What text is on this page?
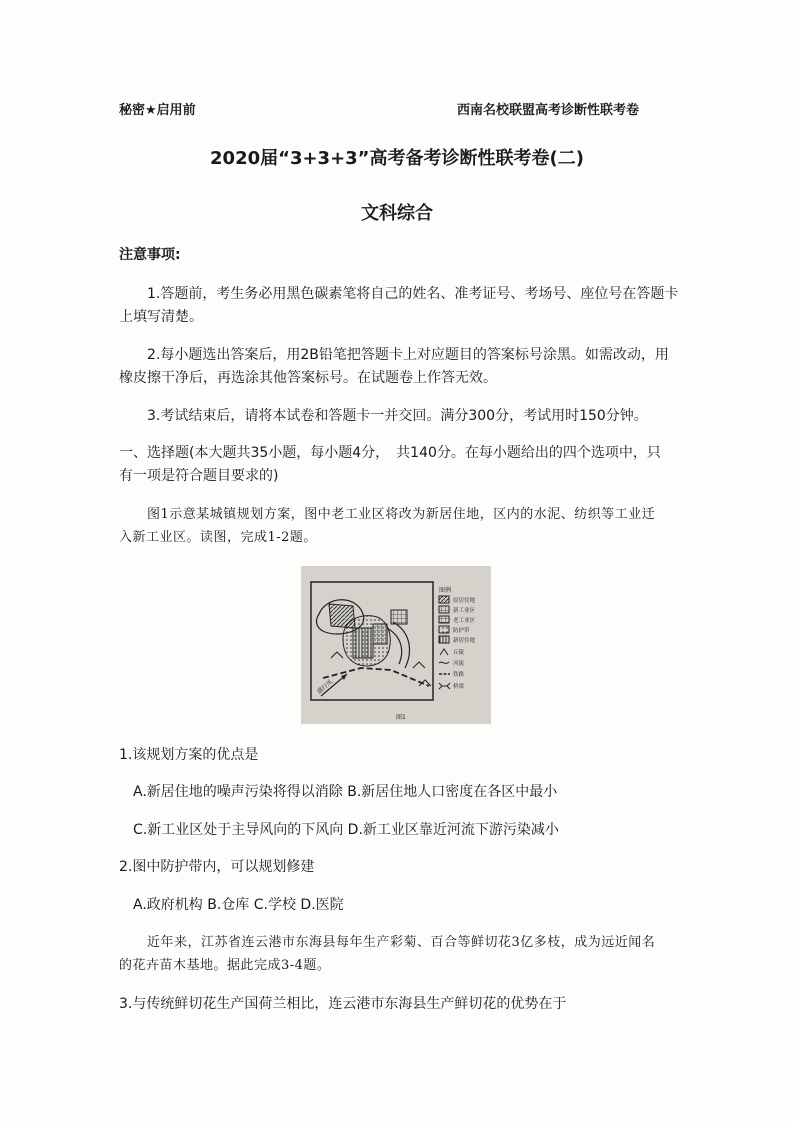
秘密★启用前	西南名校联盟高考诊断性联考卷
2020届“3+3+3”高考备考诊断性联考卷(二)
文科综合
注意事项:
1.答题前，考生务必用黑色碳素笔将自己的姓名、准考证号、考场号、座位号在答题卡
上填写清楚。
2.每小题选出答案后，用2B铅笔把答题卡上对应题目的答案标号涂黑。如需改动，用
橡皮擦干净后，再选涂其他答案标号。在试题卷上作答无效。
3.考试结束后，请将本试卷和答题卡一并交回。满分300分，考试用时150分钟。
一、选择题(本大题共35小题，每小题4分，　共140分。在每小题给出的四个选项中，只
有一项是符合题目要求的)
图1示意某城镇规划方案，图中老工业区将改为新居住地，区内的水泥、纺织等工业迁
入新工业区。读图，完成1-2题。
盛行风
图例
原居住地
新工业区
老工业区
防护带
新居住地
丘陵
河流
铁路
桥梁
图1
1.该规划方案的优点是
A.新居住地的噪声污染将得以消除 B.新居住地人口密度在各区中最小
C.新工业区处于主导风向的下风向 D.新工业区靠近河流下游污染减小
2.图中防护带内，可以规划修建
A.政府机构 B.仓库 C.学校 D.医院
近年来，江苏省连云港市东海县每年生产彩菊、百合等鲜切花3亿多枝，成为远近闻名
的花卉苗木基地。据此完成3-4题。
3.与传统鲜切花生产国荷兰相比，连云港市东海县生产鲜切花的优势在于
